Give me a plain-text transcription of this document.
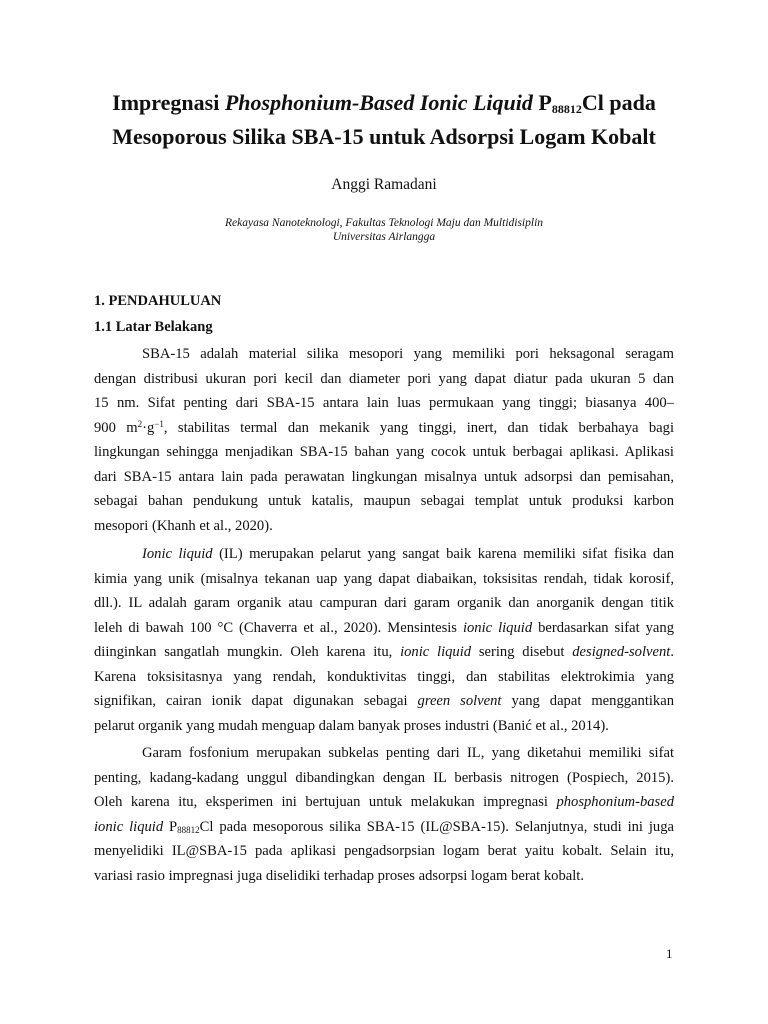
Impregnasi Phosphonium-Based Ionic Liquid $P_{88812}Cl$ pada
Mesoporous Silika SBA-15 untuk Adsorpsi Logam Kobalt
Anggi Ramadani
Rekayasa Nanoteknologi, Fakultas Teknologi Maju dan Multidisiplin
Universitas Airlangga
1. PENDAHULUAN
1.1 Latar Belakang
SBA-15 adalah material silika mesopori yang memiliki pori heksagonal seragam
dengan distribusi ukuran pori kecil dan diameter pori yang dapat diatur pada ukuran 5 dan
15 nm. Sifat penting dari SBA-15 antara lain luas permukaan yang tinggi; biasanya 400–
900 $m^2\cdot g^{-1}$, stabilitas termal dan mekanik yang tinggi, inert, dan tidak berbahaya bagi
lingkungan sehingga menjadikan SBA-15 bahan yang cocok untuk berbagai aplikasi. Aplikasi
dari SBA-15 antara lain pada perawatan lingkungan misalnya untuk adsorpsi dan pemisahan,
sebagai bahan pendukung untuk katalis, maupun sebagai templat untuk produksi karbon
mesopori (Khanh et al., 2020).
Ionic liquid (IL) merupakan pelarut yang sangat baik karena memiliki sifat fisika dan
kimia yang unik (misalnya tekanan uap yang dapat diabaikan, toksisitas rendah, tidak korosif,
dll.). IL adalah garam organik atau campuran dari garam organik dan anorganik dengan titik
leleh di bawah 100 °C (Chaverra et al., 2020). Mensintesis ionic liquid berdasarkan sifat yang
diinginkan sangatlah mungkin. Oleh karena itu, ionic liquid sering disebut designed-solvent.
Karena toksisitasnya yang rendah, konduktivitas tinggi, dan stabilitas elektrokimia yang
signifikan, cairan ionik dapat digunakan sebagai green solvent yang dapat menggantikan
pelarut organik yang mudah menguap dalam banyak proses industri (Banić et al., 2014).
Garam fosfonium merupakan subkelas penting dari IL, yang diketahui memiliki sifat
penting, kadang-kadang unggul dibandingkan dengan IL berbasis nitrogen (Pospiech, 2015).
Oleh karena itu, eksperimen ini bertujuan untuk melakukan impregnasi phosphonium-based
ionic liquid $P_{88812}Cl$ pada mesoporous silika SBA-15 (IL@SBA-15). Selanjutnya, studi ini juga
menyelidiki IL@SBA-15 pada aplikasi pengadsorpsian logam berat yaitu kobalt. Selain itu,
variasi rasio impregnasi juga diselidiki terhadap proses adsorpsi logam berat kobalt.
1
